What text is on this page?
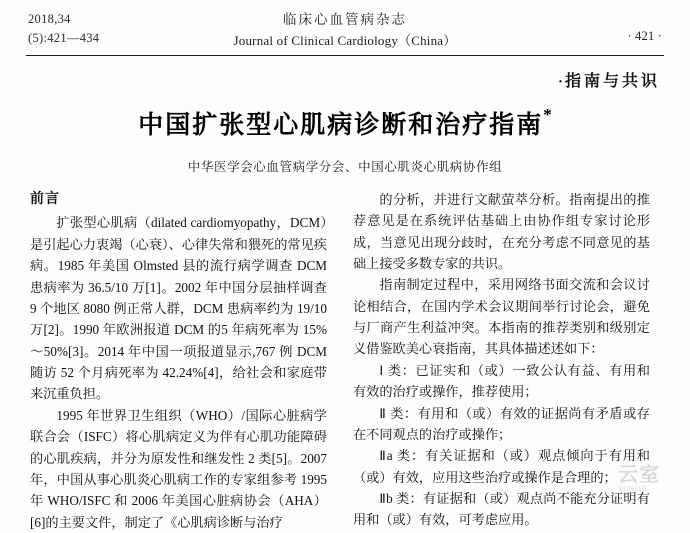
2018,34
(5):421—434
临床心血管病杂志
Journal of Clinical Cardiology（China）	· 421 ·
· 指南与共识
中国扩张型心肌病诊断和治疗指南*
中华医学会心血管病学分会、中国心肌炎心肌病协作组
前言

扩张型心肌病（dilated cardiomyopathy，DCM）是引起心力衷竭（心衰）、心律失常和猥死的常见疾病。1985 年美国 Olmsted 县的流行病学调查 DCM 患病率为 36.5/10 万[1]。2002 年中国分层抽样调查 9 个地区 8080 例正常人群，DCM 患病率约为 19/10 万[2]。1990 年欧洲报道 DCM 的5 年病死率为 15%～50%[3]。2014 年中国一项报道显示,767 例 DCM 随访 52 个月病死率为 42.24%[4]，给社会和家庭带来沉重负担。

1995 年世界卫生组织（WHO）/国际心脏病学联合会（ISFC）将心肌病定义为伴有心肌功能障碍的心肌疾病，并分为原发性和继发性 2 类[5]。2007 年，中国从事心肌炎心肌病工作的专家组参考 1995 年 WHO/ISFC 和 2006 年美国心脏病协会（AHA）[6]的主要文件，制定了《心肌病诊断与治疗

的分析，并进行文献萤萃分析。指南提出的推荐意见是在系统评估基础上由协作组专家讨论形成，当意见出现分歧时，在充分考虑不同意见的基础上接受多数专家的共识。

指南制定过程中，采用网络书面交流和会议讨论相结合，在国内学术会议期间举行讨论会，避免与厂商产生利益冲突。本指南的推荐类别和级别定义借鉴欧美心衰指南，其具体描述述如下：

Ⅰ 类：已证实和（或）一致公认有益、有用和有效的治疗或操作，推荐使用；

Ⅱ 类：有用和（或）有效的证据尚有矛盾或存在不同观点的治疗或操作；

Ⅱa 类：有关证据和（或）观点倾向于有用和（或）有效，应用这些治疗或操作是合理的；

Ⅱb 类：有证据和（或）观点尚不能充分证明有用和（或）有效，可考虑应用。

云室
YUNSHI
